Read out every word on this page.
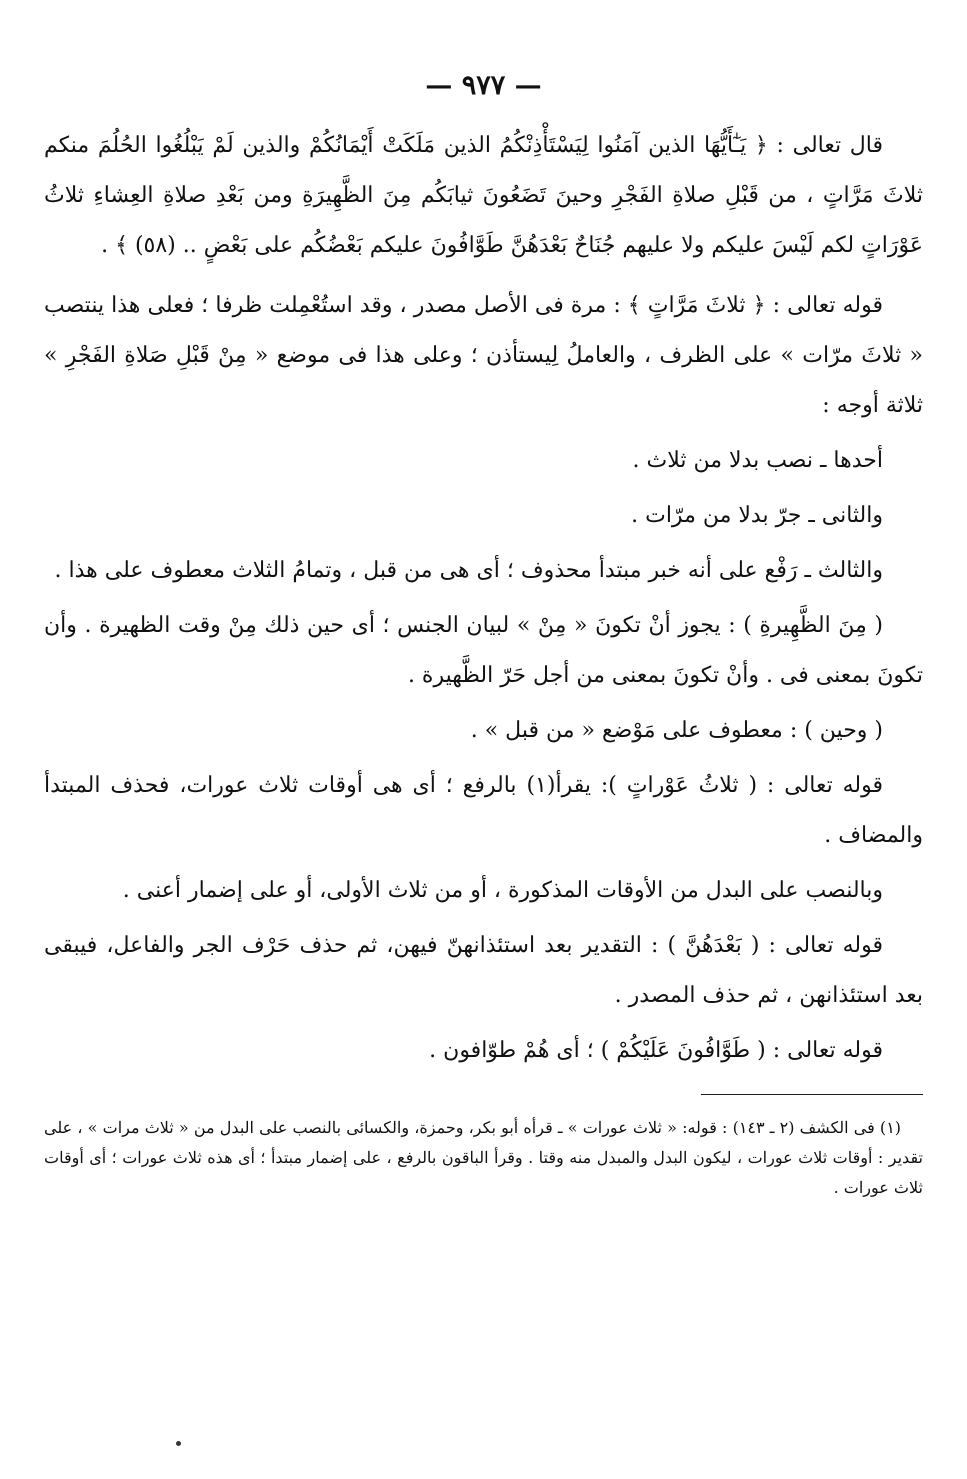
— ٩٧٧ —

قال تعالى : ﴿ يَـٰٓأَيُّهَا الذين آمَنُوا لِيَسْتَأْذِنْكُمُ الذين مَلَكَتْ أَيْمَانُكُمْ والذين لَمْ يَبْلُغُوا الحُلُمَ منكم ثلاثَ مَرَّاتٍ ، من قَبْلِ صلاةِ الفَجْرِ وحينَ تَضَعُونَ ثيابَكُم مِنَ الظَّهِيرَةِ ومن بَعْدِ صلاةِ العِشاءِ ثلاثُ عَوْرَاتٍ لكم لَيْسَ عليكم ولا عليهم جُنَاحٌ بَعْدَهُنَّ طَوَّافُونَ عليكم بَعْضُكُم على بَعْضٍ .. (٥٨) ﴾ .

قوله تعالى : ﴿ ثلاثَ مَرَّاتٍ ﴾ : مرة فى الأصل مصدر ، وقد استُعْمِلت ظرفا ؛ فعلى هذا ينتصب « ثلاثَ مرّات » على الظرف ، والعاملُ لِيستأذن ؛ وعلى هذا فى موضع « مِنْ قَبْلِ صَلاةِ الفَجْرِ » ثلاثة أوجه :

أحدها ـ نصب بدلا من ثلاث .

والثانى ـ جرّ بدلا من مرّات .

والثالث ـ رَفْع على أنه خبر مبتدأ محذوف ؛ أى هى من قبل ، وتمامُ الثلاث معطوف على هذا .

( مِنَ الظَّهِيرةِ ) : يجوز أنْ تكونَ « مِنْ » لبيان الجنس ؛ أى حين ذلك مِنْ وقت الظهيرة . وأن تكونَ بمعنى فى . وأنْ تكونَ بمعنى من أجل حَرّ الظَّهيرة .

( وحين ) : معطوف على مَوْضع « من قبل » .

قوله تعالى : ( ثلاثُ عَوْراتٍ ): يقرأ(١) بالرفع ؛ أى هى أوقات ثلاث عورات، فحذف المبتدأ والمضاف .

وبالنصب على البدل من الأوقات المذكورة ، أو من ثلاث الأولى، أو على إضمار أعنى .

قوله تعالى : ( بَعْدَهُنَّ ) : التقدير بعد استئذانهنّ فيهن، ثم حذف حَرْف الجر والفاعل، فيبقى بعد استئذانهن ، ثم حذف المصدر .

قوله تعالى : ( طَوَّافُونَ عَلَيْكُمْ ) ؛ أى هُمْ طوّافون .

(١) فى الكشف (٢ ـ ١٤٣) : قوله: « ثلاث عورات » ـ قرأه أبو بكر، وحمزة، والكسائى بالنصب على البدل من « ثلاث مرات » ، على تقدير : أوقات ثلاث عورات ، ليكون البدل والمبدل منه وقتا . وقرأ الباقون بالرفع ، على إضمار مبتدأ ؛ أى هذه ثلاث عورات ؛ أى أوقات ثلاث عورات .
